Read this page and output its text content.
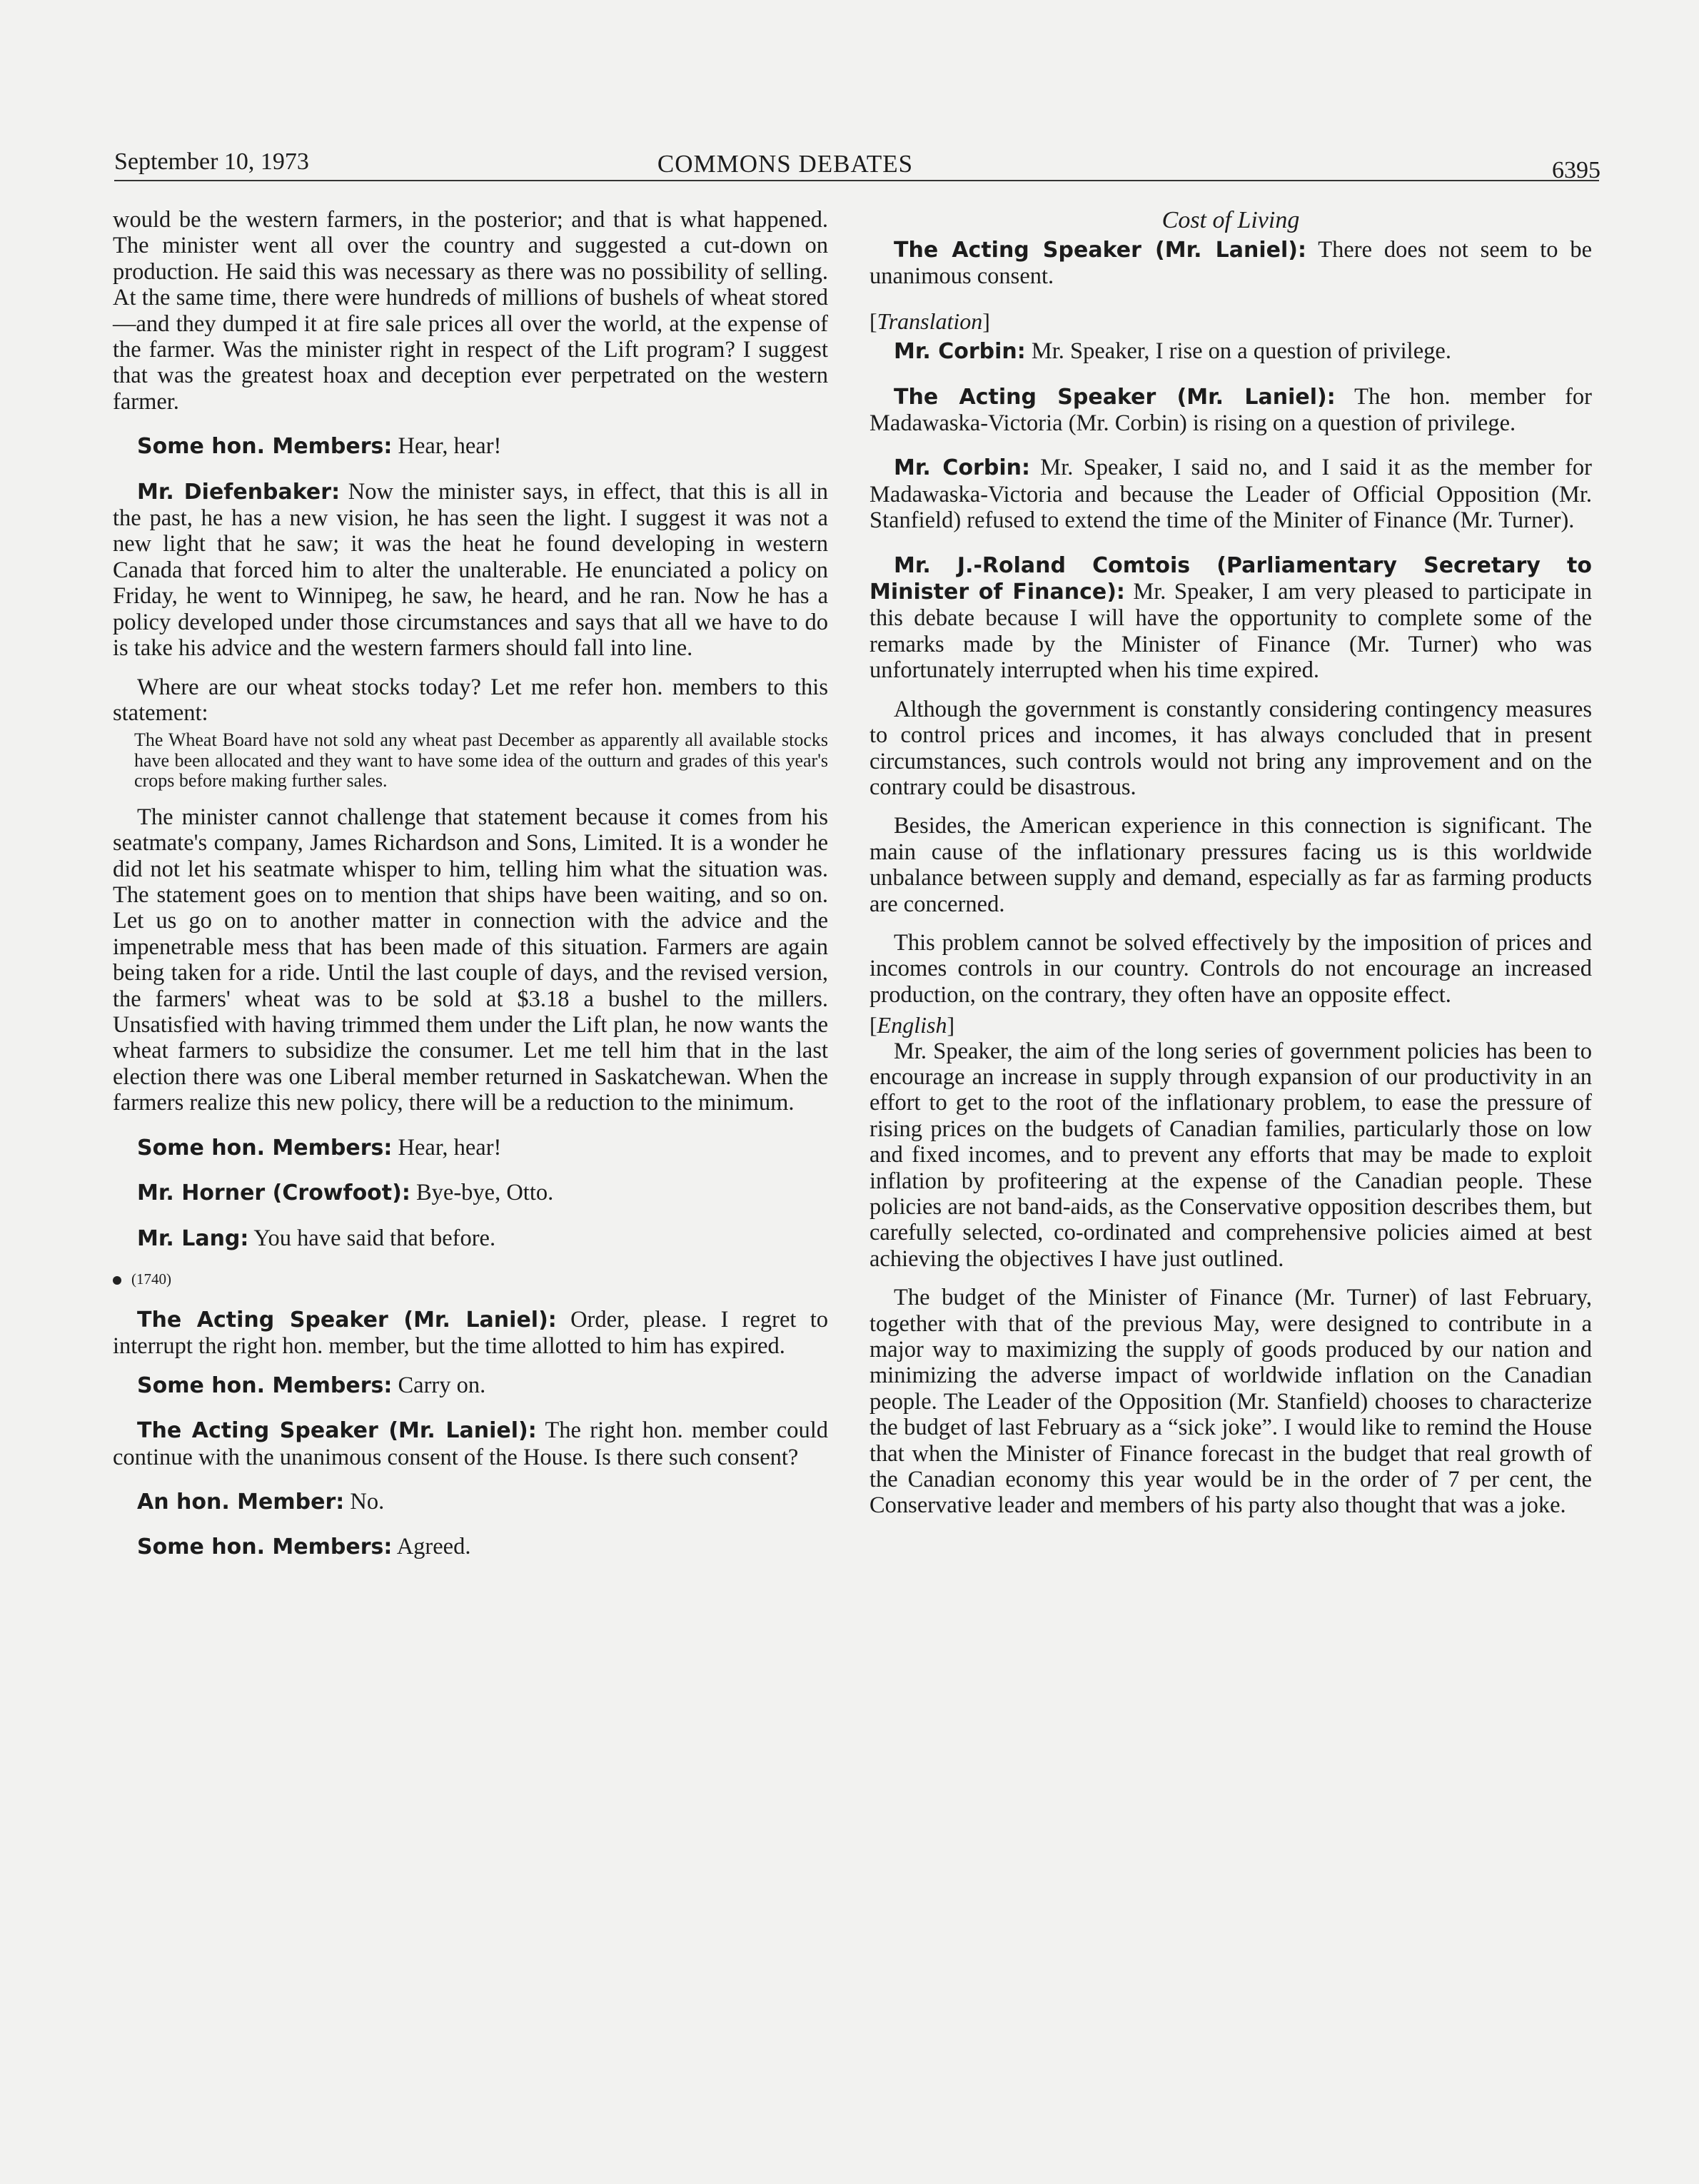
September 10, 1973	COMMONS DEBATES	6395

would be the western farmers, in the posterior; and that is what happened. The minister went all over the country and suggested a cut-down on production. He said this was necessary as there was no possibility of selling. At the same time, there were hundreds of millions of bushels of wheat stored—and they dumped it at fire sale prices all over the world, at the expense of the farmer. Was the minister right in respect of the Lift program? I suggest that was the greatest hoax and deception ever perpetrated on the western farmer.

Some hon. Members: Hear, hear!

Mr. Diefenbaker: Now the minister says, in effect, that this is all in the past, he has a new vision, he has seen the light. I suggest it was not a new light that he saw; it was the heat he found developing in western Canada that forced him to alter the unalterable. He enunciated a policy on Friday, he went to Winnipeg, he saw, he heard, and he ran. Now he has a policy developed under those circumstances and says that all we have to do is take his advice and the western farmers should fall into line.

Where are our wheat stocks today? Let me refer hon. members to this statement:

The Wheat Board have not sold any wheat past December as apparently all available stocks have been allocated and they want to have some idea of the outturn and grades of this year's crops before making further sales.

The minister cannot challenge that statement because it comes from his seatmate's company, James Richardson and Sons, Limited. It is a wonder he did not let his seatmate whisper to him, telling him what the situation was. The statement goes on to mention that ships have been waiting, and so on. Let us go on to another matter in connection with the advice and the impenetrable mess that has been made of this situation. Farmers are again being taken for a ride. Until the last couple of days, and the revised version, the farmers' wheat was to be sold at $3.18 a bushel to the millers. Unsatisfied with having trimmed them under the Lift plan, he now wants the wheat farmers to subsidize the consumer. Let me tell him that in the last election there was one Liberal member returned in Saskatchewan. When the farmers realize this new policy, there will be a reduction to the minimum.

Some hon. Members: Hear, hear!

Mr. Horner (Crowfoot): Bye-bye, Otto.

Mr. Lang: You have said that before.

(1740)

The Acting Speaker (Mr. Laniel): Order, please. I regret to interrupt the right hon. member, but the time allotted to him has expired.

Some hon. Members: Carry on.

The Acting Speaker (Mr. Laniel): The right hon. member could continue with the unanimous consent of the House. Is there such consent?

An hon. Member: No.

Some hon. Members: Agreed.

Cost of Living

The Acting Speaker (Mr. Laniel): There does not seem to be unanimous consent.

[Translation]

Mr. Corbin: Mr. Speaker, I rise on a question of privilege.

The Acting Speaker (Mr. Laniel): The hon. member for Madawaska-Victoria (Mr. Corbin) is rising on a question of privilege.

Mr. Corbin: Mr. Speaker, I said no, and I said it as the member for Madawaska-Victoria and because the Leader of Official Opposition (Mr. Stanfield) refused to extend the time of the Miniter of Finance (Mr. Turner).

Mr. J.-Roland Comtois (Parliamentary Secretary to Minister of Finance): Mr. Speaker, I am very pleased to participate in this debate because I will have the opportunity to complete some of the remarks made by the Minister of Finance (Mr. Turner) who was unfortunately interrupted when his time expired.

Although the government is constantly considering contingency measures to control prices and incomes, it has always concluded that in present circumstances, such controls would not bring any improvement and on the contrary could be disastrous.

Besides, the American experience in this connection is significant. The main cause of the inflationary pressures facing us is this worldwide unbalance between supply and demand, especially as far as farming products are concerned.

This problem cannot be solved effectively by the imposition of prices and incomes controls in our country. Controls do not encourage an increased production, on the contrary, they often have an opposite effect.

[English]

Mr. Speaker, the aim of the long series of government policies has been to encourage an increase in supply through expansion of our productivity in an effort to get to the root of the inflationary problem, to ease the pressure of rising prices on the budgets of Canadian families, particularly those on low and fixed incomes, and to prevent any efforts that may be made to exploit inflation by profiteering at the expense of the Canadian people. These policies are not band-aids, as the Conservative opposition describes them, but carefully selected, co-ordinated and comprehensive policies aimed at best achieving the objectives I have just outlined.

The budget of the Minister of Finance (Mr. Turner) of last February, together with that of the previous May, were designed to contribute in a major way to maximizing the supply of goods produced by our nation and minimizing the adverse impact of worldwide inflation on the Canadian people. The Leader of the Opposition (Mr. Stanfield) chooses to characterize the budget of last February as a “sick joke”. I would like to remind the House that when the Minister of Finance forecast in the budget that real growth of the Canadian economy this year would be in the order of 7 per cent, the Conservative leader and members of his party also thought that was a joke.
